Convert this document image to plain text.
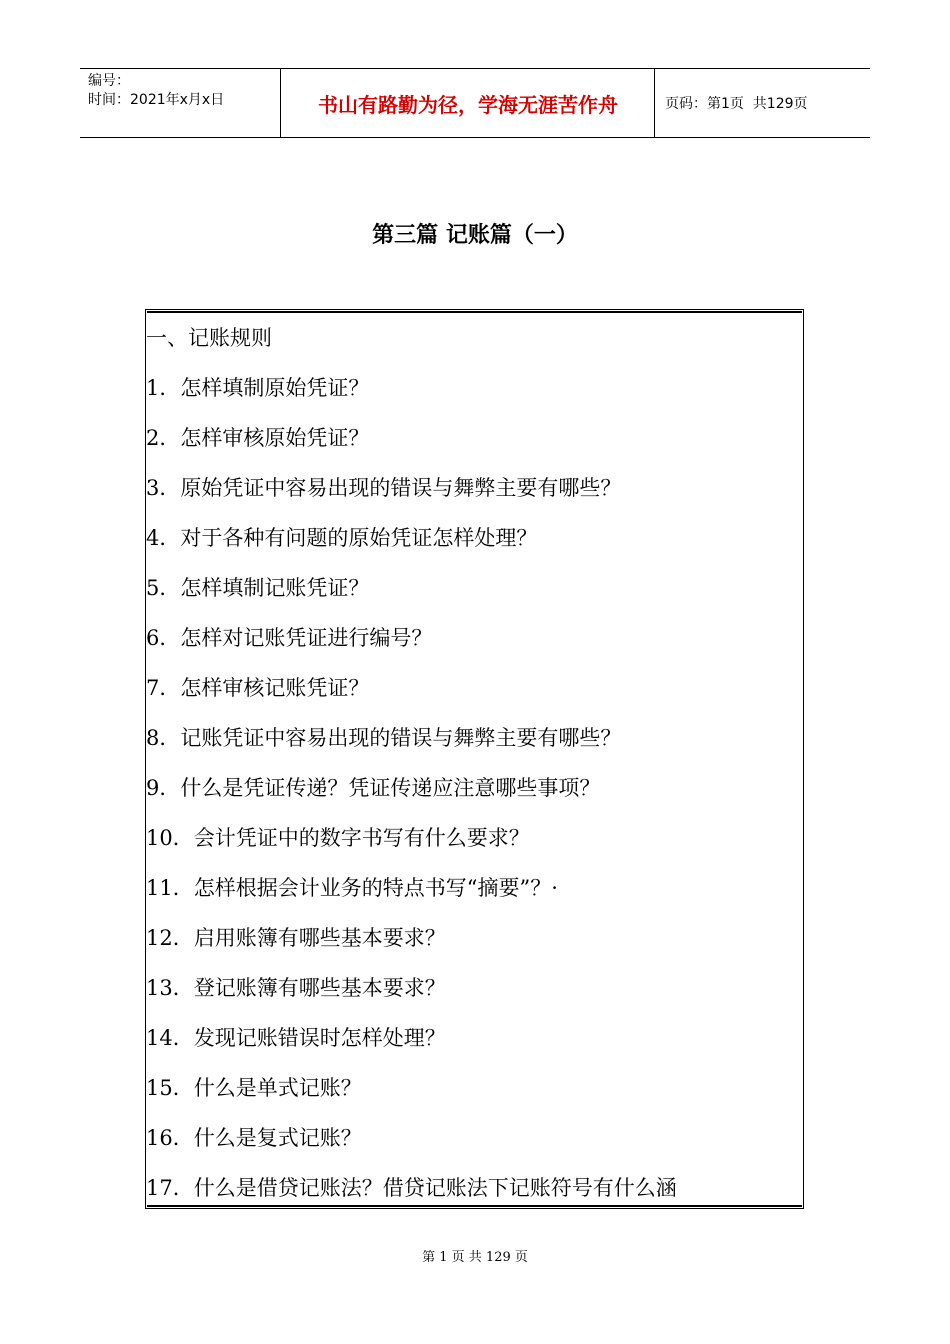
编号：
时间：2021年x月x日	书山有路勤为径，学海无涯苦作舟	页码：第1页  共129页
第三篇 记账篇（一）
一、记账规则
1．怎样填制原始凭证？
2．怎样审核原始凭证？
3．原始凭证中容易出现的错误与舞弊主要有哪些？
4．对于各种有问题的原始凭证怎样处理？
5．怎样填制记账凭证？
6．怎样对记账凭证进行编号？
7．怎样审核记账凭证？
8．记账凭证中容易出现的错误与舞弊主要有哪些？
9．什么是凭证传递？凭证传递应注意哪些事项？
10．会计凭证中的数字书写有什么要求？
11．怎样根据会计业务的特点书写“摘要”？·
12．启用账簿有哪些基本要求？
13．登记账簿有哪些基本要求？
14．发现记账错误时怎样处理？
15．什么是单式记账？
16．什么是复式记账？
17．什么是借贷记账法？借贷记账法下记账符号有什么涵
第 1 页 共 129 页
